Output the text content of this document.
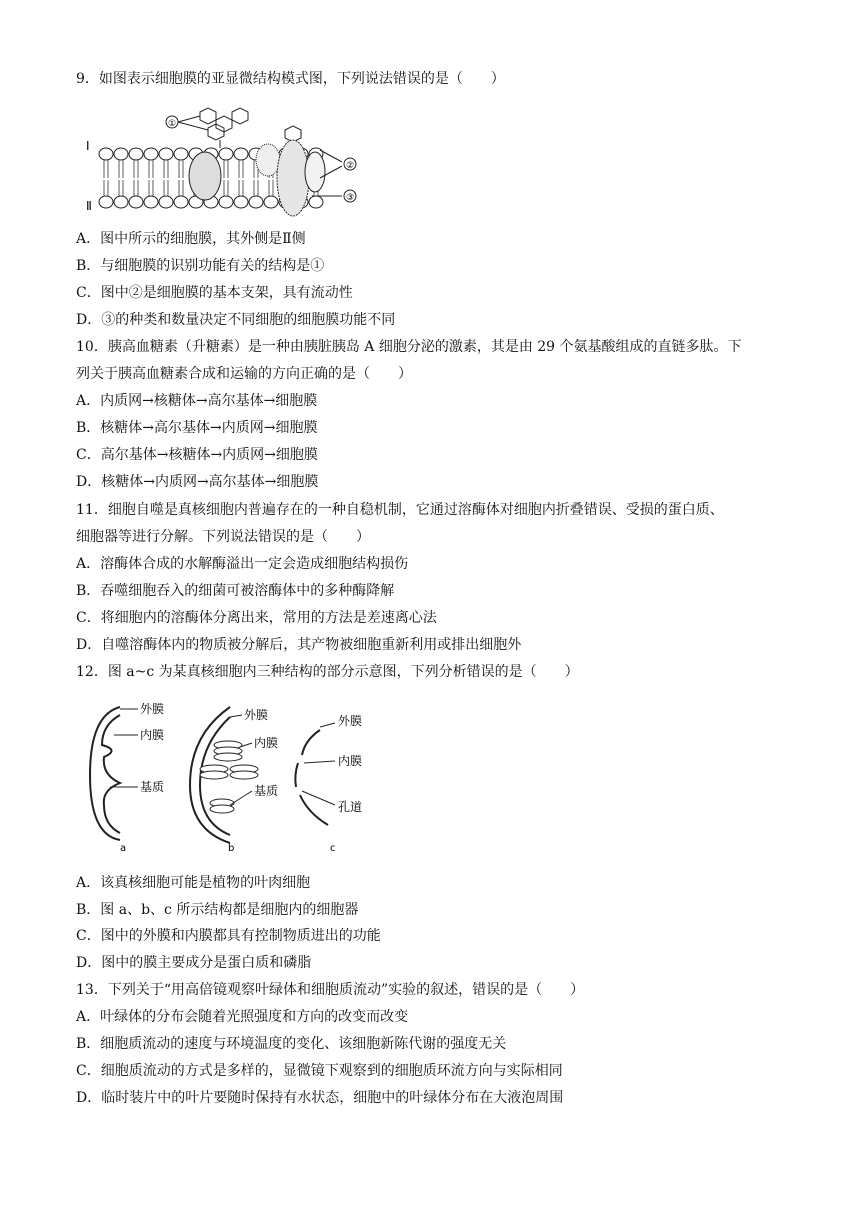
9．如图表示细胞膜的亚显微结构模式图，下列说法错误的是（　　）
Ⅰ
Ⅱ
①
②
③
A．图中所示的细胞膜，其外侧是Ⅱ侧
B．与细胞膜的识别功能有关的结构是①
C．图中②是细胞膜的基本支架，具有流动性
D．③的种类和数量决定不同细胞的细胞膜功能不同
10．胰高血糖素（升糖素）是一种由胰脏胰岛 A 细胞分泌的激素，其是由 29 个氨基酸组成的直链多肽。下
列关于胰高血糖素合成和运输的方向正确的是（　　）
A．内质网→核糖体→高尔基体→细胞膜
B．核糖体→高尔基体→内质网→细胞膜
C．高尔基体→核糖体→内质网→细胞膜
D．核糖体→内质网→高尔基体→细胞膜
11．细胞自噬是真核细胞内普遍存在的一种自稳机制，它通过溶酶体对细胞内折叠错误、受损的蛋白质、
细胞器等进行分解。下列说法错误的是（　　）
A．溶酶体合成的水解酶溢出一定会造成细胞结构损伤
B．吞噬细胞吞入的细菌可被溶酶体中的多种酶降解
C．将细胞内的溶酶体分离出来，常用的方法是差速离心法
D．自噬溶酶体内的物质被分解后，其产物被细胞重新利用或排出细胞外
12．图 a~c 为某真核细胞内三种结构的部分示意图，下列分析错误的是（　　）
外膜
内膜
基质
a
外膜
内膜
基质
b
外膜
内膜
孔道
c
A．该真核细胞可能是植物的叶肉细胞
B．图 a、b、c 所示结构都是细胞内的细胞器
C．图中的外膜和内膜都具有控制物质进出的功能
D．图中的膜主要成分是蛋白质和磷脂
13．下列关于“用高倍镜观察叶绿体和细胞质流动”实验的叙述，错误的是（　　）
A．叶绿体的分布会随着光照强度和方向的改变而改变
B．细胞质流动的速度与环境温度的变化、该细胞新陈代谢的强度无关
C．细胞质流动的方式是多样的，显微镜下观察到的细胞质环流方向与实际相同
D．临时装片中的叶片要随时保持有水状态，细胞中的叶绿体分布在大液泡周围
